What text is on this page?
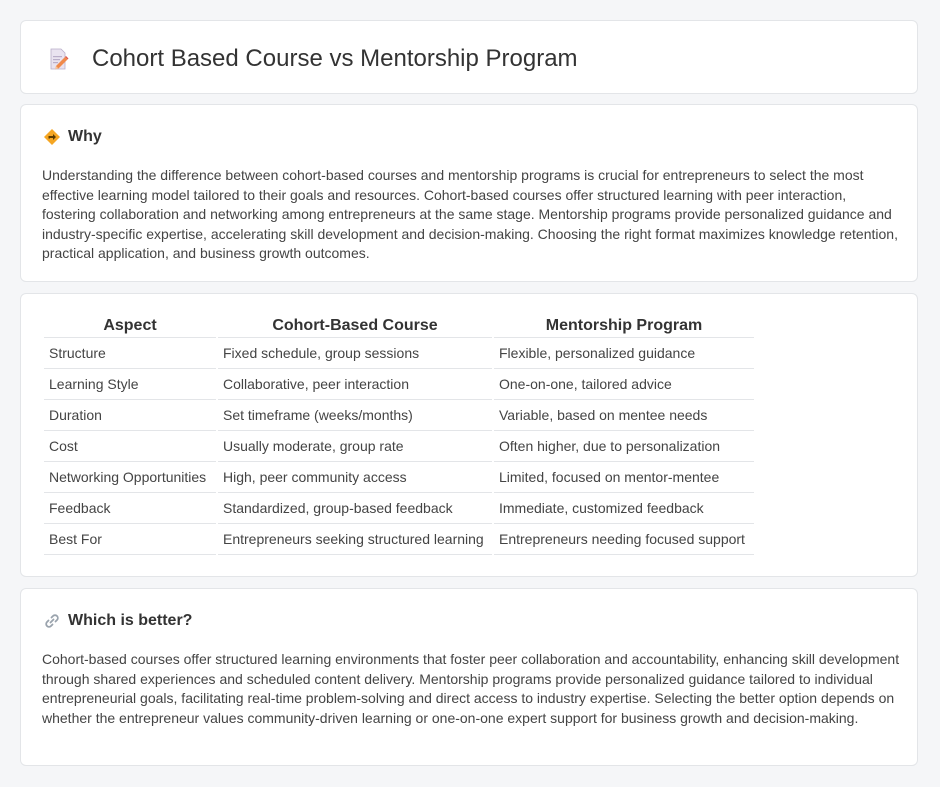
Cohort Based Course vs Mentorship Program
Why

Understanding the difference between cohort-based courses and mentorship programs is crucial for entrepreneurs to select the most effective learning model tailored to their goals and resources. Cohort-based courses offer structured learning with peer interaction, fostering collaboration and networking among entrepreneurs at the same stage. Mentorship programs provide personalized guidance and industry-specific expertise, accelerating skill development and decision-making. Choosing the right format maximizes knowledge retention, practical application, and business growth outcomes.

Aspect	Cohort-Based Course	Mentorship Program
Structure	Fixed schedule, group sessions	Flexible, personalized guidance
Learning Style	Collaborative, peer interaction	One-on-one, tailored advice
Duration	Set timeframe (weeks/months)	Variable, based on mentee needs
Cost	Usually moderate, group rate	Often higher, due to personalization
Networking Opportunities	High, peer community access	Limited, focused on mentor-mentee
Feedback	Standardized, group-based feedback	Immediate, customized feedback
Best For	Entrepreneurs seeking structured learning	Entrepreneurs needing focused support
Which is better?

Cohort-based courses offer structured learning environments that foster peer collaboration and accountability, enhancing skill development through shared experiences and scheduled content delivery. Mentorship programs provide personalized guidance tailored to individual entrepreneurial goals, facilitating real-time problem-solving and direct access to industry expertise. Selecting the better option depends on whether the entrepreneur values community-driven learning or one-on-one expert support for business growth and decision-making.
